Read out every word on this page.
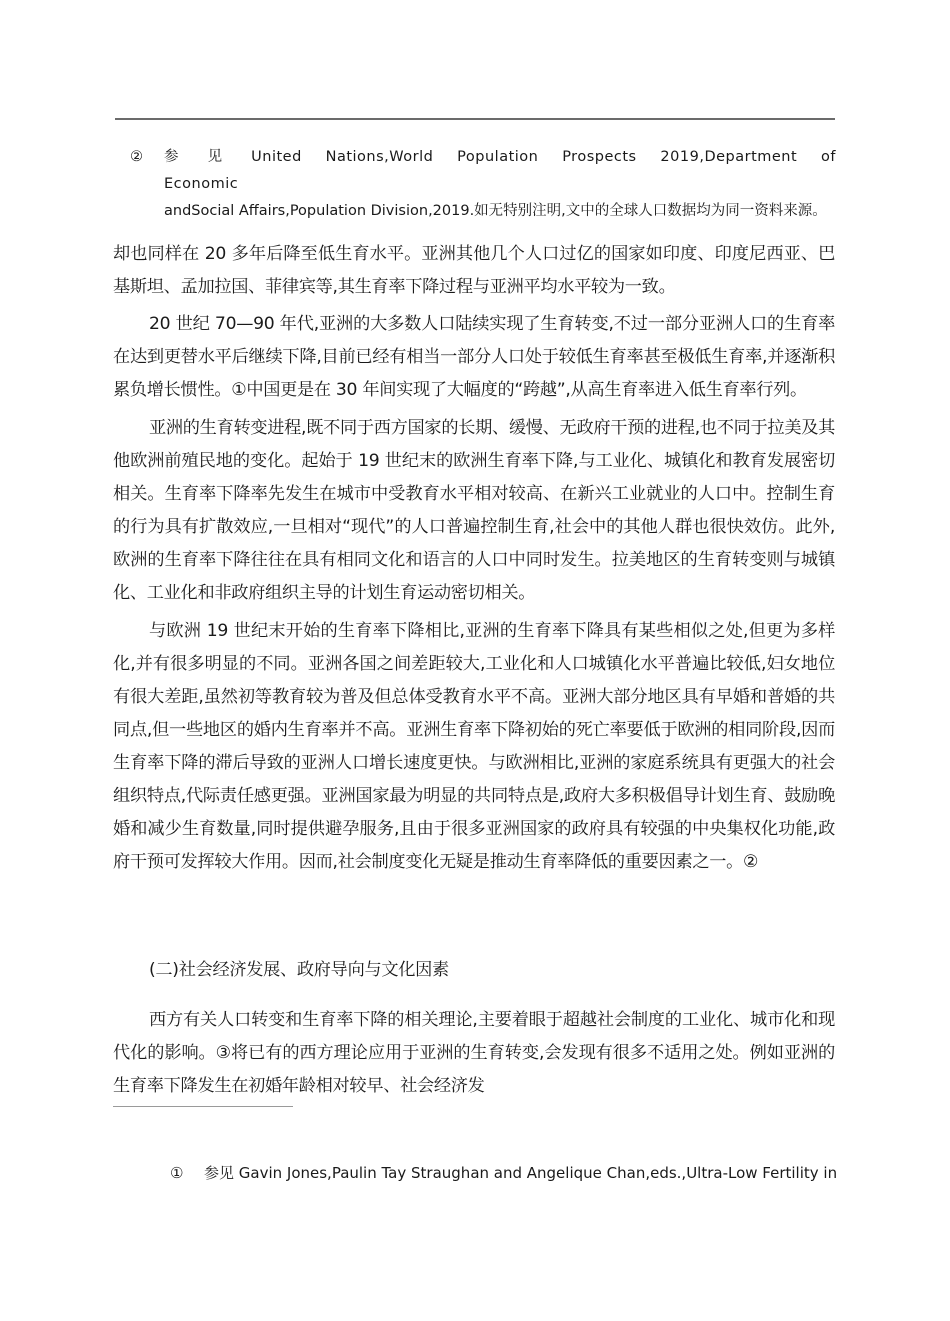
②	参 见 United Nations,World Population Prospects 2019,Department of Economic
andSocial Affairs,Population Division,2019.如无特别注明,文中的全球人口数据均为同一资料来源。

却也同样在 20 多年后降至低生育水平。亚洲其他几个人口过亿的国家如印度、印度尼西亚、巴基斯坦、孟加拉国、菲律宾等,其生育率下降过程与亚洲平均水平较为一致。

20 世纪 70—90 年代,亚洲的大多数人口陆续实现了生育转变,不过一部分亚洲人口的生育率在达到更替水平后继续下降,目前已经有相当一部分人口处于较低生育率甚至极低生育率,并逐渐积累负增长惯性。①中国更是在 30 年间实现了大幅度的“跨越”,从高生育率进入低生育率行列。

亚洲的生育转变进程,既不同于西方国家的长期、缓慢、无政府干预的进程,也不同于拉美及其他欧洲前殖民地的变化。起始于 19 世纪末的欧洲生育率下降,与工业化、城镇化和教育发展密切相关。生育率下降率先发生在城市中受教育水平相对较高、在新兴工业就业的人口中。控制生育的行为具有扩散效应,一旦相对“现代”的人口普遍控制生育,社会中的其他人群也很快效仿。此外,欧洲的生育率下降往往在具有相同文化和语言的人口中同时发生。拉美地区的生育转变则与城镇化、工业化和非政府组织主导的计划生育运动密切相关。

与欧洲 19 世纪末开始的生育率下降相比,亚洲的生育率下降具有某些相似之处,但更为多样化,并有很多明显的不同。亚洲各国之间差距较大,工业化和人口城镇化水平普遍比较低,妇女地位有很大差距,虽然初等教育较为普及但总体受教育水平不高。亚洲大部分地区具有早婚和普婚的共同点,但一些地区的婚内生育率并不高。亚洲生育率下降初始的死亡率要低于欧洲的相同阶段,因而生育率下降的滞后导致的亚洲人口增长速度更快。与欧洲相比,亚洲的家庭系统具有更强大的社会组织特点,代际责任感更强。亚洲国家最为明显的共同特点是,政府大多积极倡导计划生育、鼓励晚婚和减少生育数量,同时提供避孕服务,且由于很多亚洲国家的政府具有较强的中央集权化功能,政府干预可发挥较大作用。因而,社会制度变化无疑是推动生育率降低的重要因素之一。②

(二)社会经济发展、政府导向与文化因素

西方有关人口转变和生育率下降的相关理论,主要着眼于超越社会制度的工业化、城市化和现代化的影响。③将已有的西方理论应用于亚洲的生育转变,会发现有很多不适用之处。例如亚洲的生育率下降发生在初婚年龄相对较早、社会经济发

① 参见 Gavin Jones,Paulin Tay Straughan and Angelique Chan,eds.,Ultra-Low Fertility in
